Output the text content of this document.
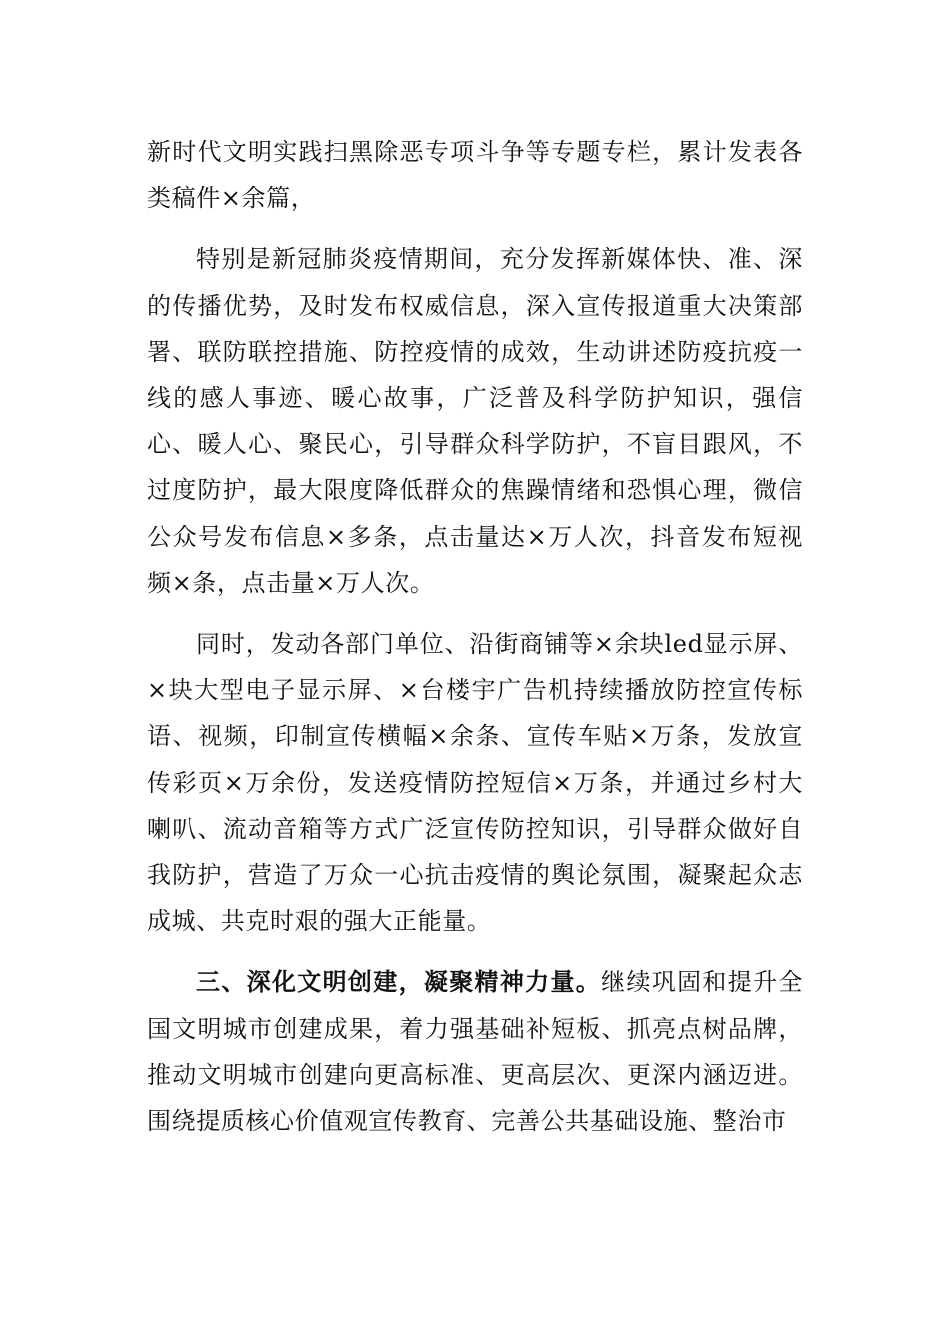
新时代文明实践扫黑除恶专项斗争等专题专栏，累计发表各类稿件×余篇，

特别是新冠肺炎疫情期间，充分发挥新媒体快、准、深的传播优势，及时发布权威信息，深入宣传报道重大决策部署、联防联控措施、防控疫情的成效，生动讲述防疫抗疫一线的感人事迹、暖心故事，广泛普及科学防护知识，强信心、暖人心、聚民心，引导群众科学防护，不盲目跟风，不过度防护，最大限度降低群众的焦躁情绪和恐惧心理，微信公众号发布信息×多条，点击量达×万人次，抖音发布短视频×条，点击量×万人次。

同时，发动各部门单位、沿街商铺等×余块led显示屏、×块大型电子显示屏、×台楼宇广告机持续播放防控宣传标语、视频，印制宣传横幅×余条、宣传车贴×万条，发放宣传彩页×万余份，发送疫情防控短信×万条，并通过乡村大喇叭、流动音箱等方式广泛宣传防控知识，引导群众做好自我防护，营造了万众一心抗击疫情的舆论氛围，凝聚起众志成城、共克时艰的强大正能量。

三、深化文明创建，凝聚精神力量。继续巩固和提升全国文明城市创建成果，着力强基础补短板、抓亮点树品牌，推动文明城市创建向更高标准、更高层次、更深内涵迈进。围绕提质核心价值观宣传教育、完善公共基础设施、整治市
